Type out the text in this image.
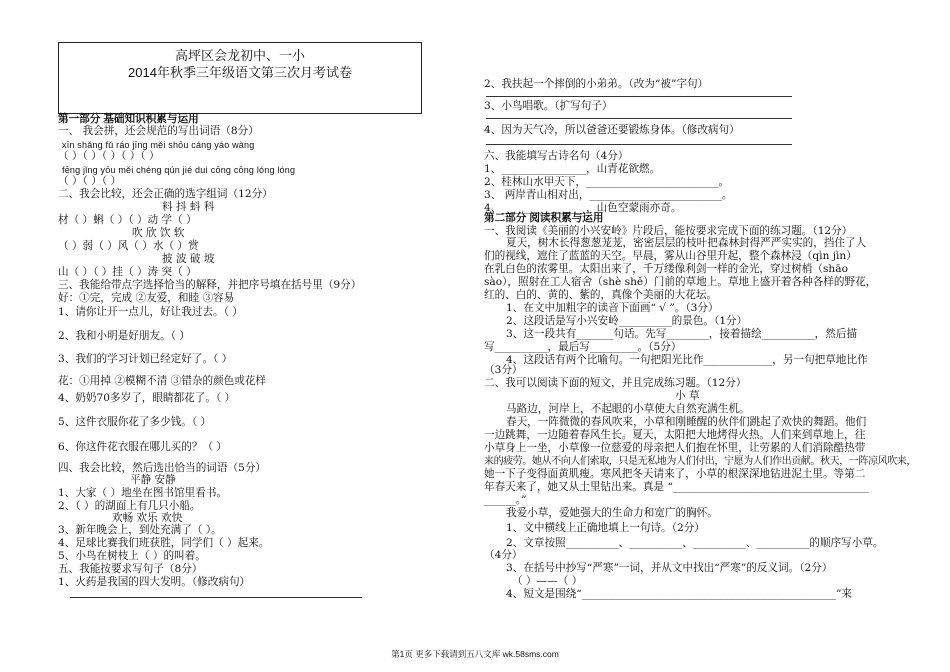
高坪区会龙初中、一小
2014年秋季三年级语文第三次月考试卷
第一部分 基础知识积累与运用
一、 我会拼，还会规范的写出词语（8分）
xīn shǎng fǔ ráo jīng měi shōu cáng yáo wàng
（ ）（ ）（ ）（ ）（ ）
fēng jǐng yōu měi chéng qún jié duì cōng cōng lóng lóng
（ ）（ ）（ ）
二、我会比较，还会正确的选字组词（12分）
料 抖 蚪 科
材（ ）蝌（ ）（ ）动 学（ ）
吹 欣 饮 软
（ ）弱（ ）风（ ）水（ ）赏
披 波 破 坡
山（ ）（ ）挂（ ）涛 突（ ）
三、我能给带点字选择恰当的解释，并把序号填在括号里（9分）
好：①完，完成 ②友爱，和睦 ③容易
1、请你让开一点儿，好让我过去。（ ）
2、我和小明是好朋友。（ ）
3、我们的学习计划已经定好了。（ ）
花：①用掉 ②模糊不清 ③错杂的颜色或花样
4、奶奶70多岁了，眼睛都花了。（ ）
5、这件衣服你花了多少钱。（ ）
6、你这件花衣服在哪儿买的？（ ）
四、我会比较，然后选出恰当的词语（5分）
平静 安静
1、大家（ ）地坐在图书馆里看书。
2、（ ）的湖面上有几只小船。
欢畅 欢乐 欢快
3、新年晚会上，到处充满了（ ）。
4、足球比赛我们班获胜，同学们（ ）起来。
5、小鸟在树枝上（ ）的叫着。
五、我能按要求写句子（8分）
1、火药是我国的四大发明。（修改病句）
2、我扶起一个摔倒的小弟弟。（改为“被”字句）
3、小鸟唱歌。（扩写句子）
4、因为天气冷，所以爸爸还要锻炼身体。（修改病句）
六、我能填写古诗名句（4分）
1、________________，山青花欲燃。
2、桂林山水甲天下，_________________________。
3、 两岸青山相对出，_________________________。
4、________________，山色空蒙雨亦奇。
第二部分 阅读积累与运用
一、我阅读《美丽的小兴安岭》片段后，能按要求完成下面的练习题。（12分）
夏天，树木长得葱葱茏茏，密密层层的枝叶把森林封得严严实实的，挡住了人
们的视线，遮住了蓝蓝的天空。早晨，雾从山谷里升起，整个森林浸（qìn jìn）
在乳白色的浓雾里。太阳出来了，千万缕像利剑一样的金光，穿过树梢（shāo
sào），照射在工人宿舍（shè shě）门前的草地上。草地上盛开着各种各样的野花，
红的、白的、黄的、紫的，真像个美丽的大花坛。
1、在文中加粗字的读音下面画“ √ ”。（3分）
2、这段话是写小兴安岭__________的景色。（1分）
3、这一段共有_______句话。先写________，接着描绘__________，然后描
写__________，最后写_________。（5分）
4、这段话有两个比喻句。一句把阳光比作_____________，另一句把草地比作
（3分）
二、我可以阅读下面的短文，并且完成练习题。（12分）
小 草
马路边，河岸上，不起眼的小草使大自然充满生机。
春天，一阵微微的春风吹来，小草和刚睡醒的伙伴们跳起了欢快的舞蹈。他们
一边跳舞，一边随着春风生长。夏天，太阳把大地烤得火热。人们来到草地上，往
小草身上一坐，小草像一位慈爱的母亲把人们抱在怀里，让劳累的人们消除酷热带
来的疲劳。她从不向人们索取，只是无私地为人们付出，宁愿为人们作出贡献。秋天，一阵凉风吹来，
她一下子变得面黄肌瘦。寒风把冬天请来了，小草的根深深地钻进泥土里。等第二
年春天来了，她又从土里钻出来。真是 “_____________________________________
______。”
我爱小草，爱她强大的生命力和宽广的胸怀。
1、文中横线上正确地填上一句诗。（2分）
2、文章按照__________、__________、__________、__________的顺序写小草。
（4分）
3、在括号中抄写“严寒”一词，并从文中找出“严寒”的反义词。（2分）
（ ）——（ ）
4、短文是围绕“________________________________________________”来
第1页 更多下载请到五八文库 wk.58sms.com
